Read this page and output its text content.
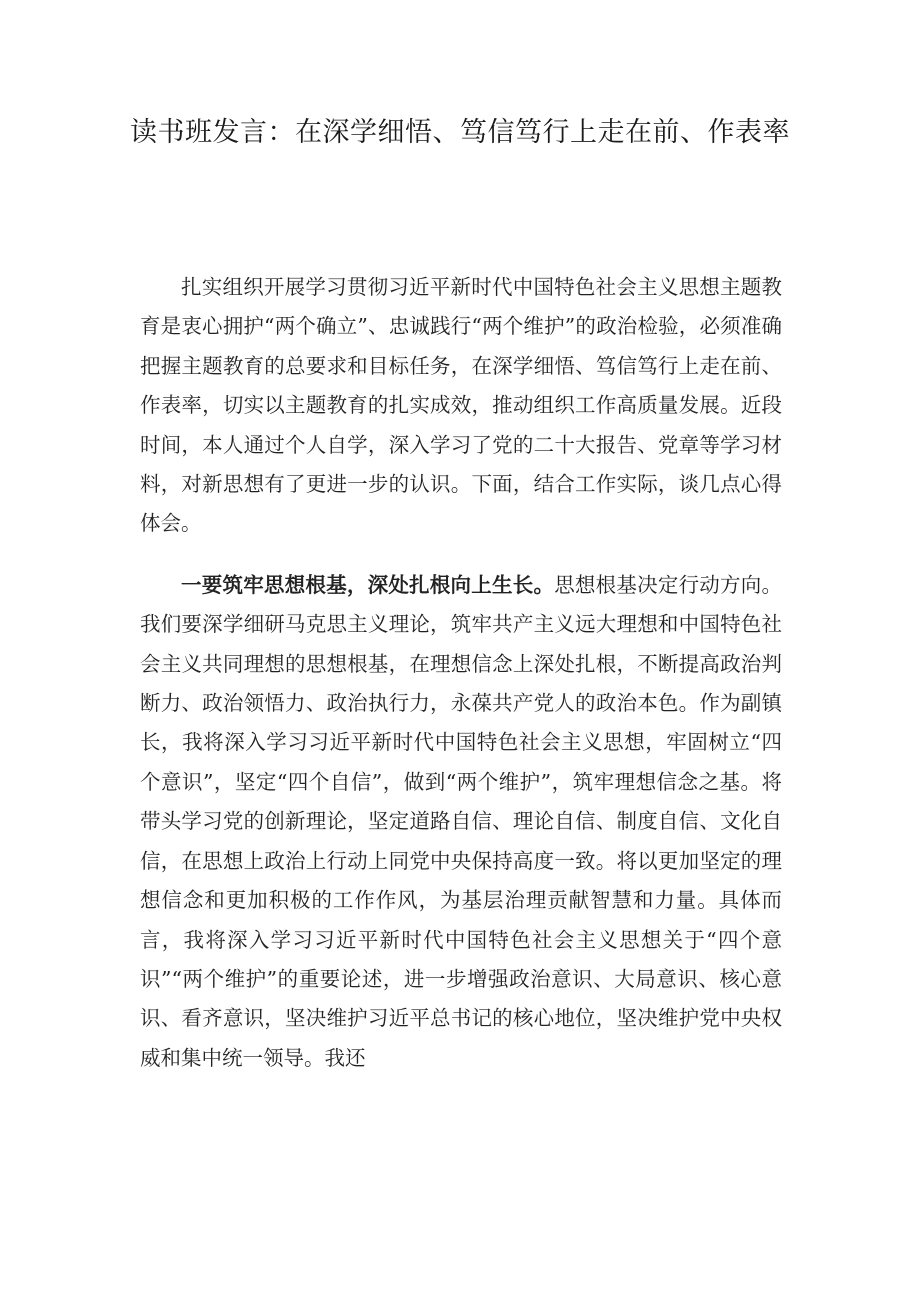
读书班发言：在深学细悟、笃信笃行上走在前、作表率

扎实组织开展学习贯彻习近平新时代中国特色社会主义思想主题教育是衷心拥护“两个确立”、忠诚践行“两个维护”的政治检验，必须准确把握主题教育的总要求和目标任务，在深学细悟、笃信笃行上走在前、作表率，切实以主题教育的扎实成效，推动组织工作高质量发展。近段时间，本人通过个人自学，深入学习了党的二十大报告、党章等学习材料，对新思想有了更进一步的认识。下面，结合工作实际，谈几点心得体会。

一要筑牢思想根基，深处扎根向上生长。思想根基决定行动方向。我们要深学细研马克思主义理论，筑牢共产主义远大理想和中国特色社会主义共同理想的思想根基，在理想信念上深处扎根，不断提高政治判断力、政治领悟力、政治执行力，永葆共产党人的政治本色。作为副镇长，我将深入学习习近平新时代中国特色社会主义思想，牢固树立“四个意识”，坚定“四个自信”，做到“两个维护”，筑牢理想信念之基。将带头学习党的创新理论，坚定道路自信、理论自信、制度自信、文化自信，在思想上政治上行动上同党中央保持高度一致。将以更加坚定的理想信念和更加积极的工作作风，为基层治理贡献智慧和力量。具体而言，我将深入学习习近平新时代中国特色社会主义思想关于“四个意识”“两个维护”的重要论述，进一步增强政治意识、大局意识、核心意识、看齐意识，坚决维护习近平总书记的核心地位，坚决维护党中央权威和集中统一领导。我还
